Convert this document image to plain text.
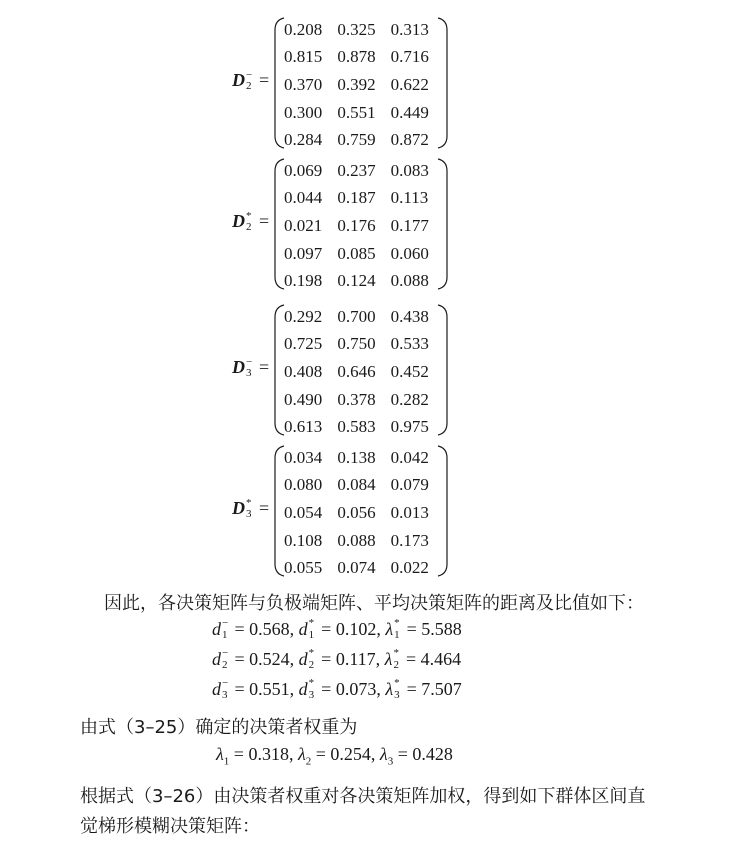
D −
2 =
0.208 0.325 0.313
0.815 0.878 0.716
0.370 0.392 0.622
0.300 0.551 0.449
0.284 0.759 0.872
D *
2 =
0.069 0.237 0.083
0.044 0.187 0.113
0.021 0.176 0.177
0.097 0.085 0.060
0.198 0.124 0.088
D −
3 =
0.292 0.700 0.438
0.725 0.750 0.533
0.408 0.646 0.452
0.490 0.378 0.282
0.613 0.583 0.975
D *
3 =
0.034 0.138 0.042
0.080 0.084 0.079
0.054 0.056 0.013
0.108 0.088 0.173
0.055 0.074 0.022
因此，各决策矩阵与负极端矩阵、平均决策矩阵的距离及比值如下：
d −
1 = 0.568, d *
1 = 0.102, λ *
1 = 5.588
d −
2 = 0.524, d *
2 = 0.117, λ *
2 = 4.464
d −
3 = 0.551, d *
3 = 0.073, λ *
3 = 7.507
由式（3–25）确定的决策者权重为
$\lambda_1 = 0.318$, $\lambda_2 = 0.254$, $\lambda_3 = 0.428$
根据式（3–26）由决策者权重对各决策矩阵加权，得到如下群体区间直
觉梯形模糊决策矩阵：
